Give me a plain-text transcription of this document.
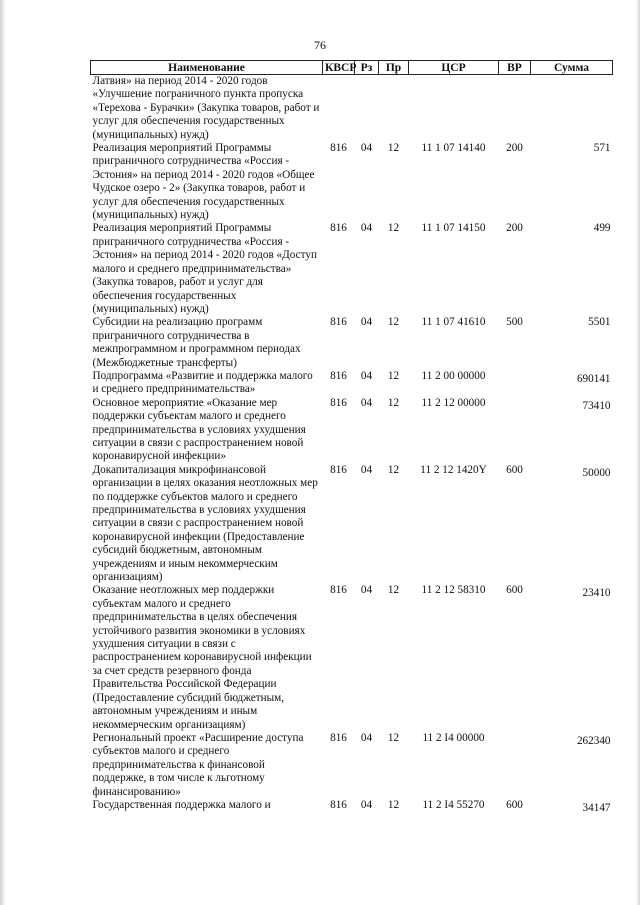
76
Наименование	КВСР	Рз	Пр	ЦСР	ВР	Сумма
Латвия» на период 2014 - 2020 годов «Улучшение пограничного пункта пропуска «Терехова - Бурачки» (Закупка товаров, работ и услуг для обеспечения государственных (муниципальных) нужд)						
Реализация мероприятий Программы приграничного сотрудничества «Россия - Эстония» на период 2014 - 2020 годов «Общее Чудское озеро - 2» (Закупка товаров, работ и услуг для обеспечения государственных (муниципальных) нужд)	816	04	12	11 1 07 14140	200	571
Реализация мероприятий Программы приграничного сотрудничества «Россия - Эстония» на период 2014 - 2020 годов «Доступ малого и среднего предпринимательства» (Закупка товаров, работ и услуг для обеспечения государственных (муниципальных) нужд)	816	04	12	11 1 07 14150	200	499
Субсидии на реализацию программ приграничного сотрудничества в межпрограммном и программном периодах (Межбюджетные трансферты)	816	04	12	11 1 07 41610	500	5501
Подпрограмма «Развитие и поддержка малого и среднего предпринимательства»	816	04	12	11 2 00 00000		690141
Основное мероприятие «Оказание мер поддержки субъектам малого и среднего предпринимательства в условиях ухудшения ситуации в связи с распространением новой коронавирусной инфекции»	816	04	12	11 2 12 00000		73410
Докапитализация микрофинансовой организации в целях оказания неотложных мер по поддержке субъектов малого и среднего предпринимательства в условиях ухудшения ситуации в связи с распространением новой коронавирусной инфекции (Предоставление субсидий бюджетным, автономным учреждениям и иным некоммерческим организациям)	816	04	12	11 2 12 1420Y	600	50000
Оказание неотложных мер поддержки субъектам малого и среднего предпринимательства в целях обеспечения устойчивого развития экономики в условиях ухудшения ситуации в связи с распространением коронавирусной инфекции за счет средств резервного фонда Правительства Российской Федерации (Предоставление субсидий бюджетным, автономным учреждениям и иным некоммерческим организациям)	816	04	12	11 2 12 58310	600	23410
Региональный проект «Расширение доступа субъектов малого и среднего предпринимательства к финансовой поддержке, в том числе к льготному финансированию»	816	04	12	11 2 I4 00000		262340
Государственная поддержка малого и	816	04	12	11 2 I4 55270	600	34147
